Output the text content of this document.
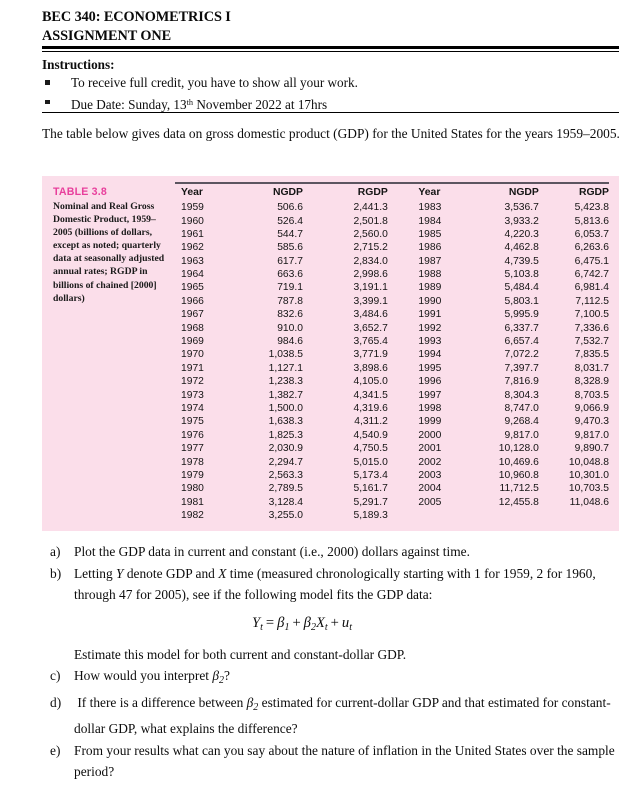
BEC 340: ECONOMETRICS I
ASSIGNMENT ONE
Instructions:
To receive full credit, you have to show all your work.
Due Date: Sunday, 13th November 2022 at 17hrs
The table below gives data on gross domestic product (GDP) for the United States for the years 1959–2005.
TABLE 3.8
Nominal and Real Gross Domestic Product, 1959–2005 (billions of dollars, except as noted; quarterly data at seasonally adjusted annual rates; RGDP in billions of chained [2000] dollars)
Year	NGDP	RGDP		Year	NGDP	RGDP
1959	506.6	2,441.3		1983	3,536.7	5,423.8
1960	526.4	2,501.8		1984	3,933.2	5,813.6
1961	544.7	2,560.0		1985	4,220.3	6,053.7
1962	585.6	2,715.2		1986	4,462.8	6,263.6
1963	617.7	2,834.0		1987	4,739.5	6,475.1
1964	663.6	2,998.6		1988	5,103.8	6,742.7
1965	719.1	3,191.1		1989	5,484.4	6,981.4
1966	787.8	3,399.1		1990	5,803.1	7,112.5
1967	832.6	3,484.6		1991	5,995.9	7,100.5
1968	910.0	3,652.7		1992	6,337.7	7,336.6
1969	984.6	3,765.4		1993	6,657.4	7,532.7
1970	1,038.5	3,771.9		1994	7,072.2	7,835.5
1971	1,127.1	3,898.6		1995	7,397.7	8,031.7
1972	1,238.3	4,105.0		1996	7,816.9	8,328.9
1973	1,382.7	4,341.5		1997	8,304.3	8,703.5
1974	1,500.0	4,319.6		1998	8,747.0	9,066.9
1975	1,638.3	4,311.2		1999	9,268.4	9,470.3
1976	1,825.3	4,540.9		2000	9,817.0	9,817.0
1977	2,030.9	4,750.5		2001	10,128.0	9,890.7
1978	2,294.7	5,015.0		2002	10,469.6	10,048.8
1979	2,563.3	5,173.4		2003	10,960.8	10,301.0
1980	2,789.5	5,161.7		2004	11,712.5	10,703.5
1981	3,128.4	5,291.7		2005	12,455.8	11,048.6
1982	3,255.0	5,189.3				
a) Plot the GDP data in current and constant (i.e., 2000) dollars against time.
b) Letting Y denote GDP and X time (measured chronologically starting with 1 for 1959, 2 for 1960, through 47 for 2005), see if the following model fits the GDP data:
$Y_t = \beta_1 + \beta_2X_t + u_t$
Estimate this model for both current and constant-dollar GDP.
c) How would you interpret $\beta_2$?
d) If there is a difference between $\beta_2$ estimated for current-dollar GDP and that estimated for constant-dollar GDP, what explains the difference?
e) From your results what can you say about the nature of inflation in the United States over the sample period?
